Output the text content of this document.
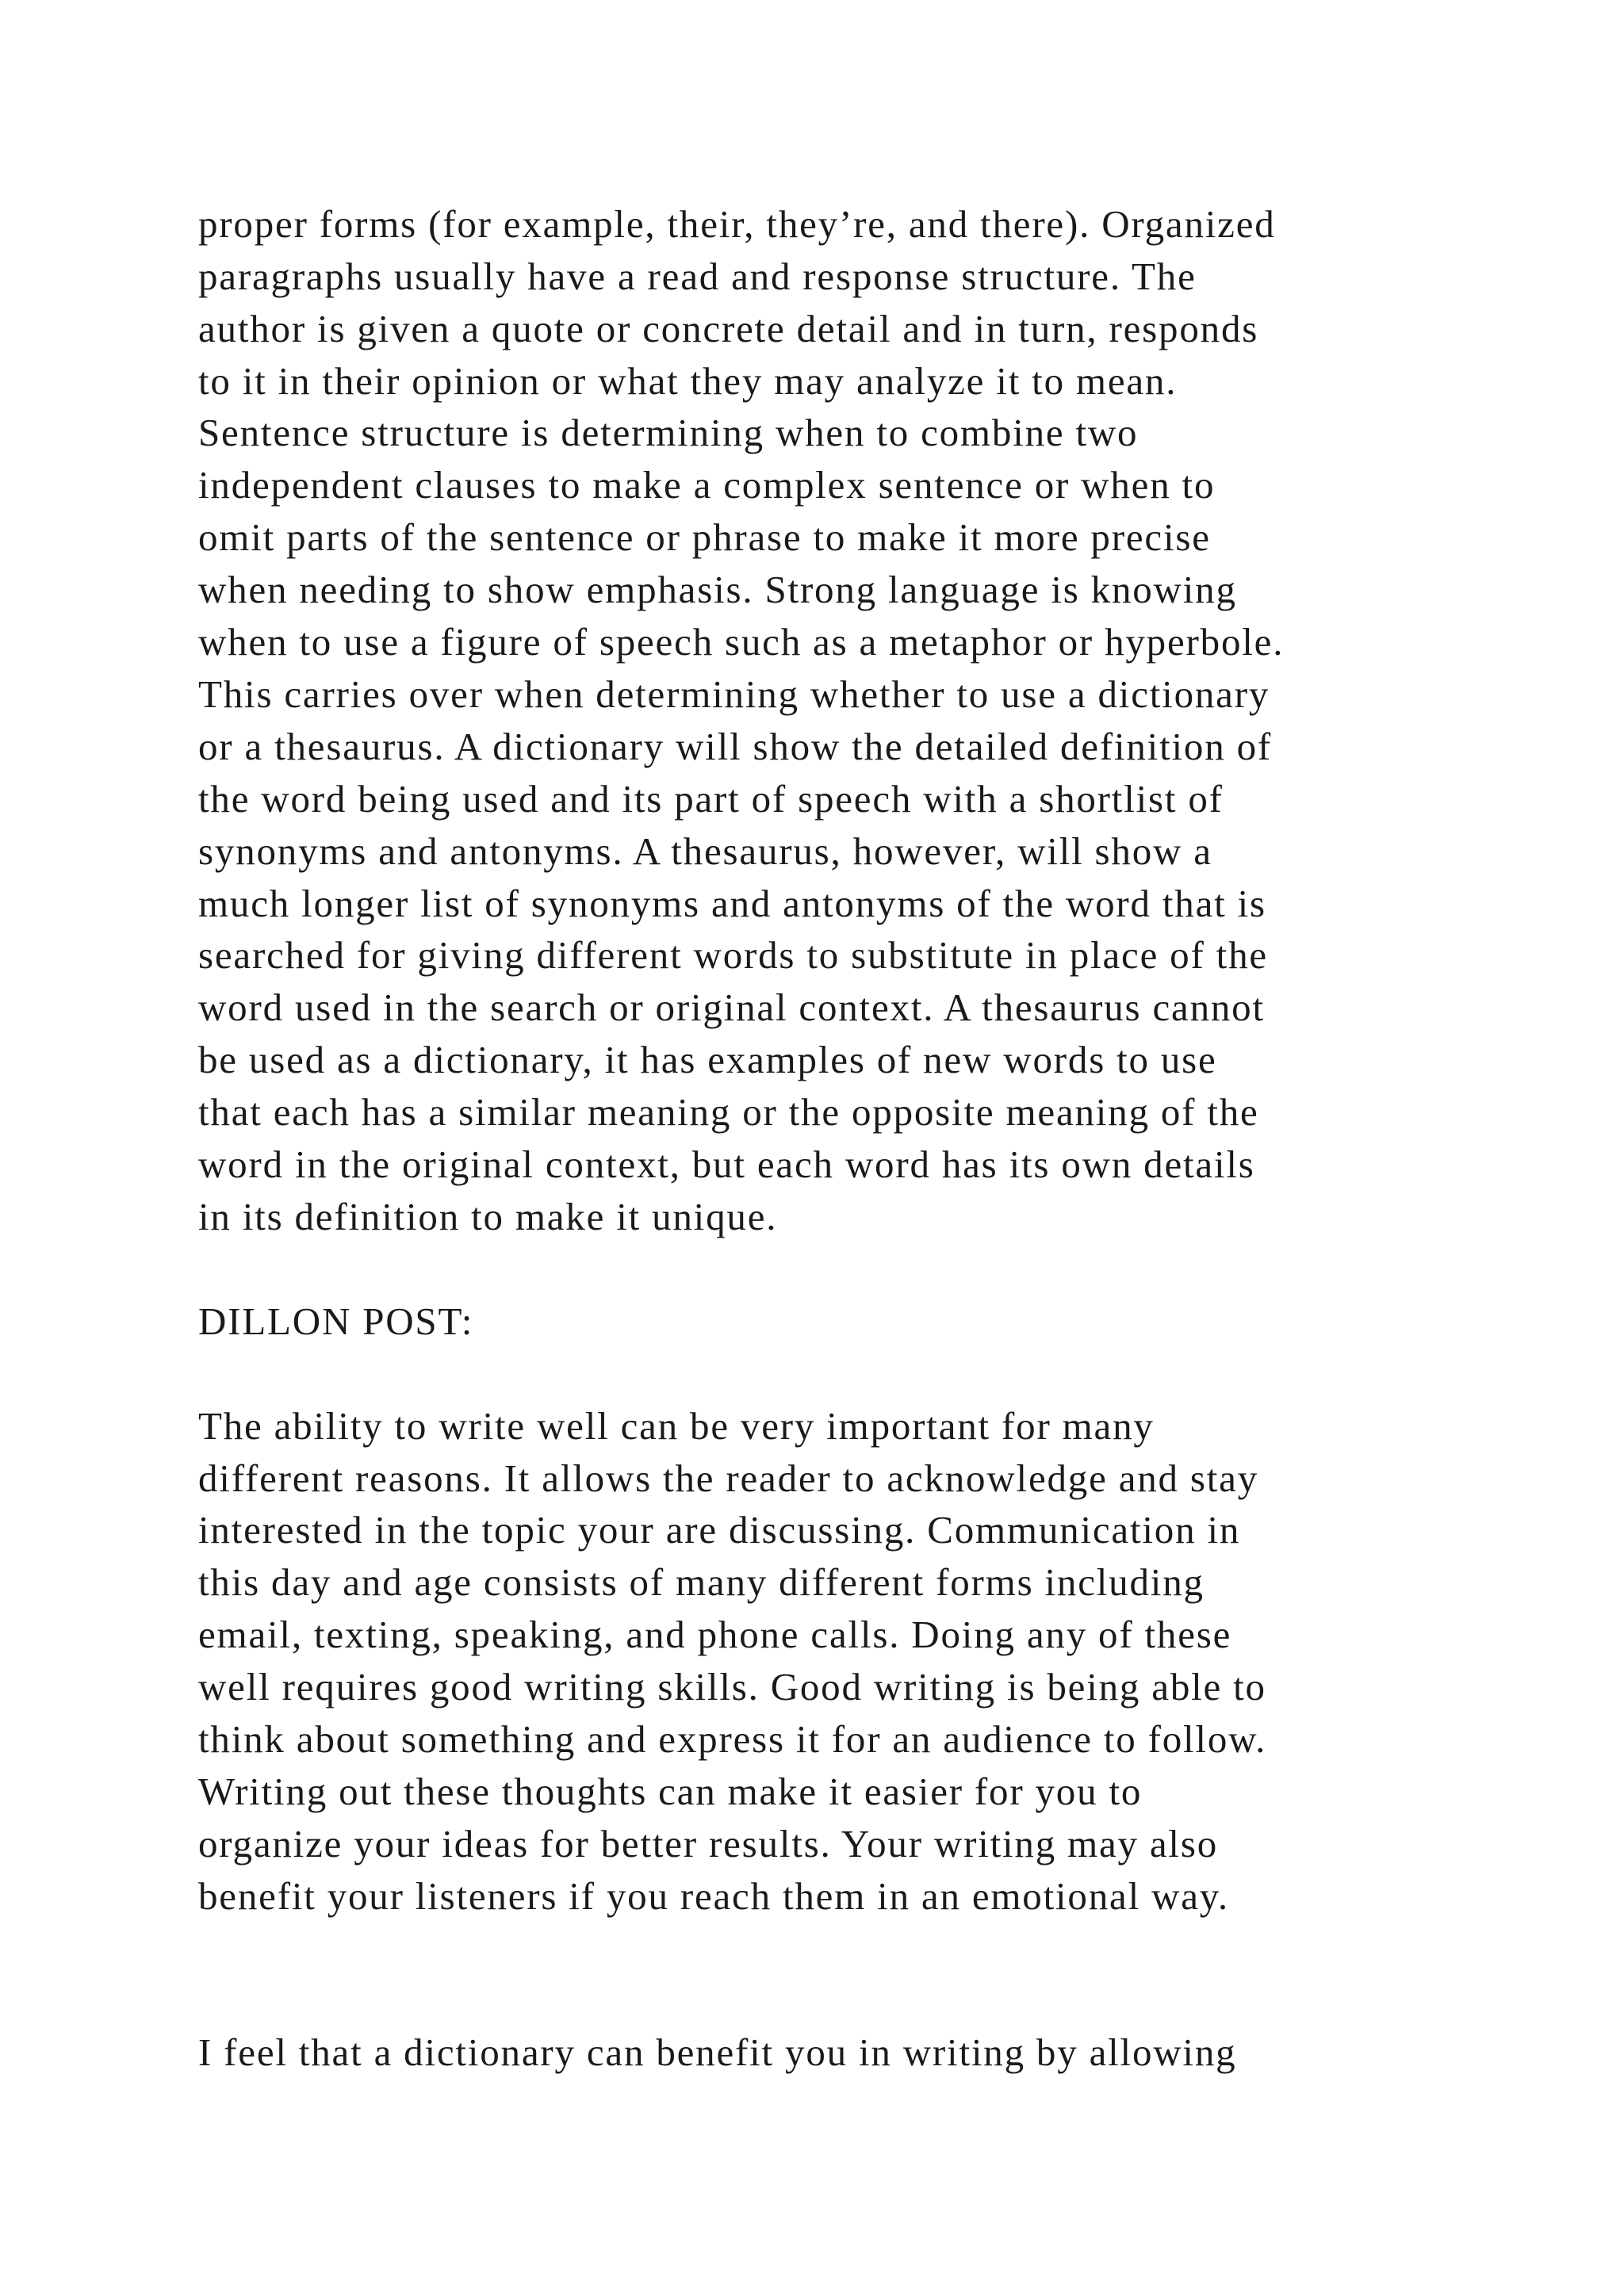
proper forms (for example, their, they’re, and there). Organized
paragraphs usually have a read and response structure. The
author is given a quote or concrete detail and in turn, responds
to it in their opinion or what they may analyze it to mean.
Sentence structure is determining when to combine two
independent clauses to make a complex sentence or when to
omit parts of the sentence or phrase to make it more precise
when needing to show emphasis. Strong language is knowing
when to use a figure of speech such as a metaphor or hyperbole.
This carries over when determining whether to use a dictionary
or a thesaurus. A dictionary will show the detailed definition of
the word being used and its part of speech with a shortlist of
synonyms and antonyms. A thesaurus, however, will show a
much longer list of synonyms and antonyms of the word that is
searched for giving different words to substitute in place of the
word used in the search or original context. A thesaurus cannot
be used as a dictionary, it has examples of new words to use
that each has a similar meaning or the opposite meaning of the
word in the original context, but each word has its own details
in its definition to make it unique.
DILLON POST:
The ability to write well can be very important for many
different reasons. It allows the reader to acknowledge and stay
interested in the topic your are discussing. Communication in
this day and age consists of many different forms including
email, texting, speaking, and phone calls. Doing any of these
well requires good writing skills. Good writing is being able to
think about something and express it for an audience to follow.
Writing out these thoughts can make it easier for you to
organize your ideas for better results. Your writing may also
benefit your listeners if you reach them in an emotional way.
I feel that a dictionary can benefit you in writing by allowing
